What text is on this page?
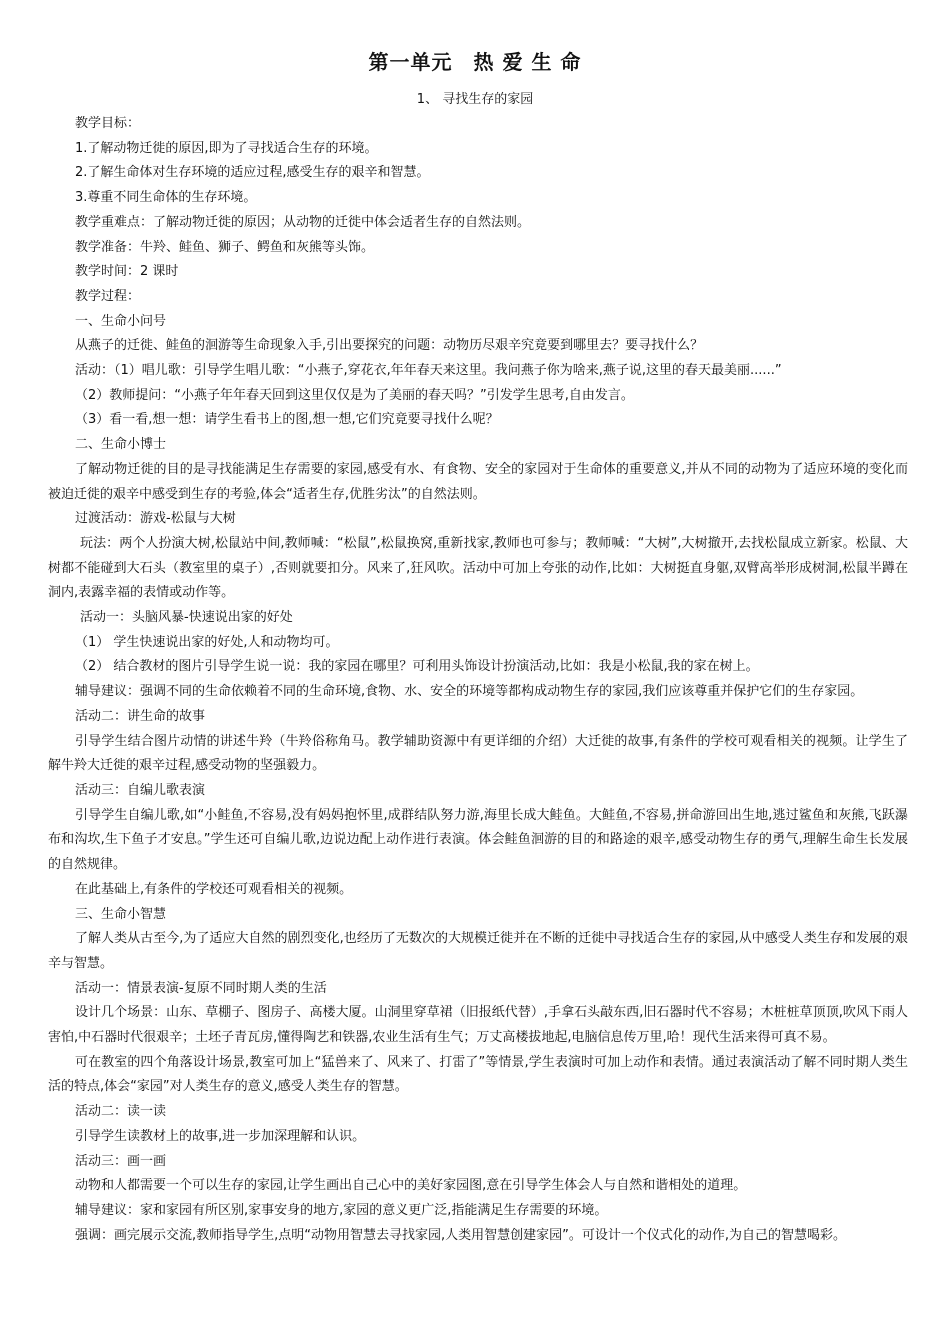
第一单元　热 爱 生 命
1、 寻找生存的家园

教学目标：

1.了解动物迁徙的原因,即为了寻找适合生存的环境。

2.了解生命体对生存环境的适应过程,感受生存的艰辛和智慧。

3.尊重不同生命体的生存环境。

教学重难点：了解动物迁徙的原因；从动物的迁徙中体会适者生存的自然法则。

教学准备：牛羚、鲑鱼、狮子、鳄鱼和灰熊等头饰。

教学时间：2 课时

教学过程：

一、生命小问号

从燕子的迁徙、鲑鱼的洄游等生命现象入手,引出要探究的问题：动物历尽艰辛究竟要到哪里去？要寻找什么？

活动：（1）唱儿歌：引导学生唱儿歌：“小燕子,穿花衣,年年春天来这里。我问燕子你为啥来,燕子说,这里的春天最美丽......”

（2）教师提问：“小燕子年年春天回到这里仅仅是为了美丽的春天吗？”引发学生思考,自由发言。

（3）看一看,想一想：请学生看书上的图,想一想,它们究竟要寻找什么呢？

二、生命小博士

了解动物迁徙的目的是寻找能满足生存需要的家园,感受有水、有食物、安全的家园对于生命体的重要意义,并从不同的动物为了适应环境的变化而被迫迁徙的艰辛中感受到生存的考验,体会“适者生存,优胜劣汰”的自然法则。

过渡活动：游戏-松鼠与大树

玩法：两个人扮演大树,松鼠站中间,教师喊：“松鼠”,松鼠换窝,重新找家,教师也可参与；教师喊：“大树”,大树撤开,去找松鼠成立新家。松鼠、大树都不能碰到大石头（教室里的桌子）,否则就要扣分。风来了,狂风吹。活动中可加上夸张的动作,比如：大树挺直身躯,双臂高举形成树洞,松鼠半蹲在洞内,表露幸福的表情或动作等。

活动一：头脑风暴-快速说出家的好处

（1） 学生快速说出家的好处,人和动物均可。

（2） 结合教材的图片引导学生说一说：我的家园在哪里？可利用头饰设计扮演活动,比如：我是小松鼠,我的家在树上。

辅导建议：强调不同的生命依赖着不同的生命环境,食物、水、安全的环境等都构成动物生存的家园,我们应该尊重并保护它们的生存家园。

活动二：讲生命的故事

引导学生结合图片动情的讲述牛羚（牛羚俗称角马。教学辅助资源中有更详细的介绍）大迁徙的故事,有条件的学校可观看相关的视频。让学生了解牛羚大迁徙的艰辛过程,感受动物的坚强毅力。

活动三：自编儿歌表演

引导学生自编儿歌,如“小鲑鱼,不容易,没有妈妈抱怀里,成群结队努力游,海里长成大鲑鱼。大鲑鱼,不容易,拼命游回出生地,逃过鲨鱼和灰熊,飞跃瀑布和沟坎,生下鱼子才安息。”学生还可自编儿歌,边说边配上动作进行表演。体会鲑鱼洄游的目的和路途的艰辛,感受动物生存的勇气,理解生命生长发展的自然规律。

在此基础上,有条件的学校还可观看相关的视频。

三、生命小智慧

了解人类从古至今,为了适应大自然的剧烈变化,也经历了无数次的大规模迁徙并在不断的迁徙中寻找适合生存的家园,从中感受人类生存和发展的艰辛与智慧。

活动一：情景表演-复原不同时期人类的生活

设计几个场景：山东、草棚子、图房子、高楼大厦。山洞里穿草裙（旧报纸代替）,手拿石头敲东西,旧石器时代不容易；木桩桩草顶顶,吹风下雨人害怕,中石器时代很艰辛；土坯子青瓦房,懂得陶艺和铁器,农业生活有生气；万丈高楼拔地起,电脑信息传万里,哈！现代生活来得可真不易。

可在教室的四个角落设计场景,教室可加上“猛兽来了、风来了、打雷了”等情景,学生表演时可加上动作和表情。通过表演活动了解不同时期人类生活的特点,体会“家园”对人类生存的意义,感受人类生存的智慧。

活动二：读一读

引导学生读教材上的故事,进一步加深理解和认识。

活动三：画一画

动物和人都需要一个可以生存的家园,让学生画出自己心中的美好家园图,意在引导学生体会人与自然和谐相处的道理。

辅导建议：家和家园有所区别,家事安身的地方,家园的意义更广泛,指能满足生存需要的环境。

强调：画完展示交流,教师指导学生,点明“动物用智慧去寻找家园,人类用智慧创建家园”。可设计一个仪式化的动作,为自己的智慧喝彩。
